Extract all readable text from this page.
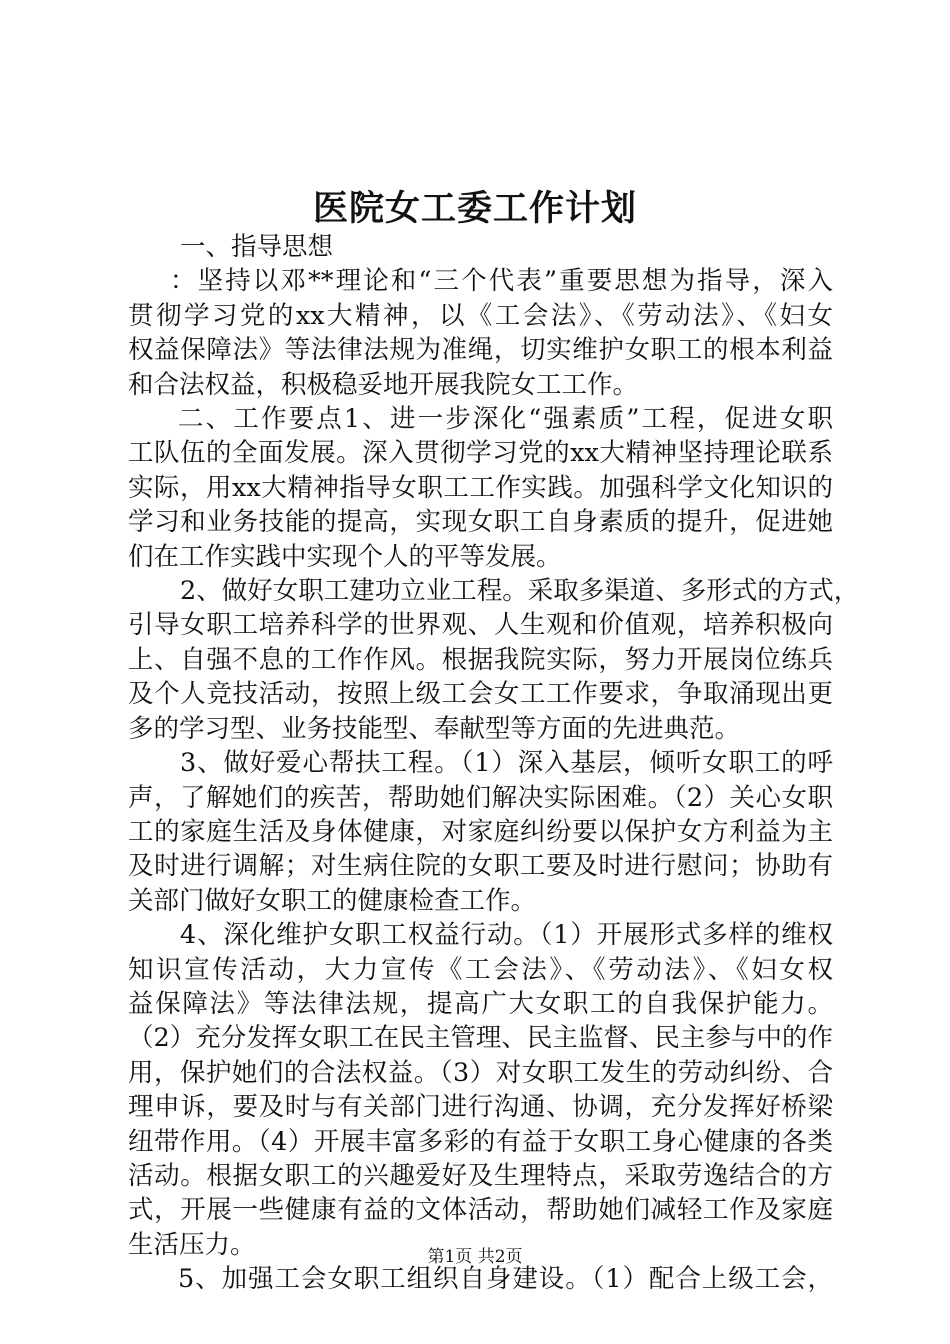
医院女工委工作计划
一、指导思想
：坚持以邓**理论和“三个代表”重要思想为指导，深入
贯彻学习党的xx大精神，以《工会法》、《劳动法》、《妇女
权益保障法》等法律法规为准绳，切实维护女职工的根本利益
和合法权益，积极稳妥地开展我院女工工作。
二、工作要点1、进一步深化“强素质”工程，促进女职
工队伍的全面发展。深入贯彻学习党的xx大精神坚持理论联系
实际，用xx大精神指导女职工工作实践。加强科学文化知识的
学习和业务技能的提高，实现女职工自身素质的提升，促进她
们在工作实践中实现个人的平等发展。
2、做好女职工建功立业工程。采取多渠道、多形式的方式，
引导女职工培养科学的世界观、人生观和价值观，培养积极向
上、自强不息的工作作风。根据我院实际，努力开展岗位练兵
及个人竞技活动，按照上级工会女工工作要求，争取涌现出更
多的学习型、业务技能型、奉献型等方面的先进典范。
3、做好爱心帮扶工程。（1）深入基层，倾听女职工的呼
声，了解她们的疾苦，帮助她们解决实际困难。（2）关心女职
工的家庭生活及身体健康，对家庭纠纷要以保护女方利益为主
及时进行调解；对生病住院的女职工要及时进行慰问；协助有
关部门做好女职工的健康检查工作。
4、深化维护女职工权益行动。（1）开展形式多样的维权
知识宣传活动，大力宣传《工会法》、《劳动法》、《妇女权
益保障法》等法律法规，提高广大女职工的自我保护能力。
（2）充分发挥女职工在民主管理、民主监督、民主参与中的作
用，保护她们的合法权益。（3）对女职工发生的劳动纠纷、合
理申诉，要及时与有关部门进行沟通、协调，充分发挥好桥梁
纽带作用。（4）开展丰富多彩的有益于女职工身心健康的各类
活动。根据女职工的兴趣爱好及生理特点，采取劳逸结合的方
式，开展一些健康有益的文体活动，帮助她们减轻工作及家庭
生活压力。
5、加强工会女职工组织自身建设。（1）配合上级工会，
第1页 共2页
